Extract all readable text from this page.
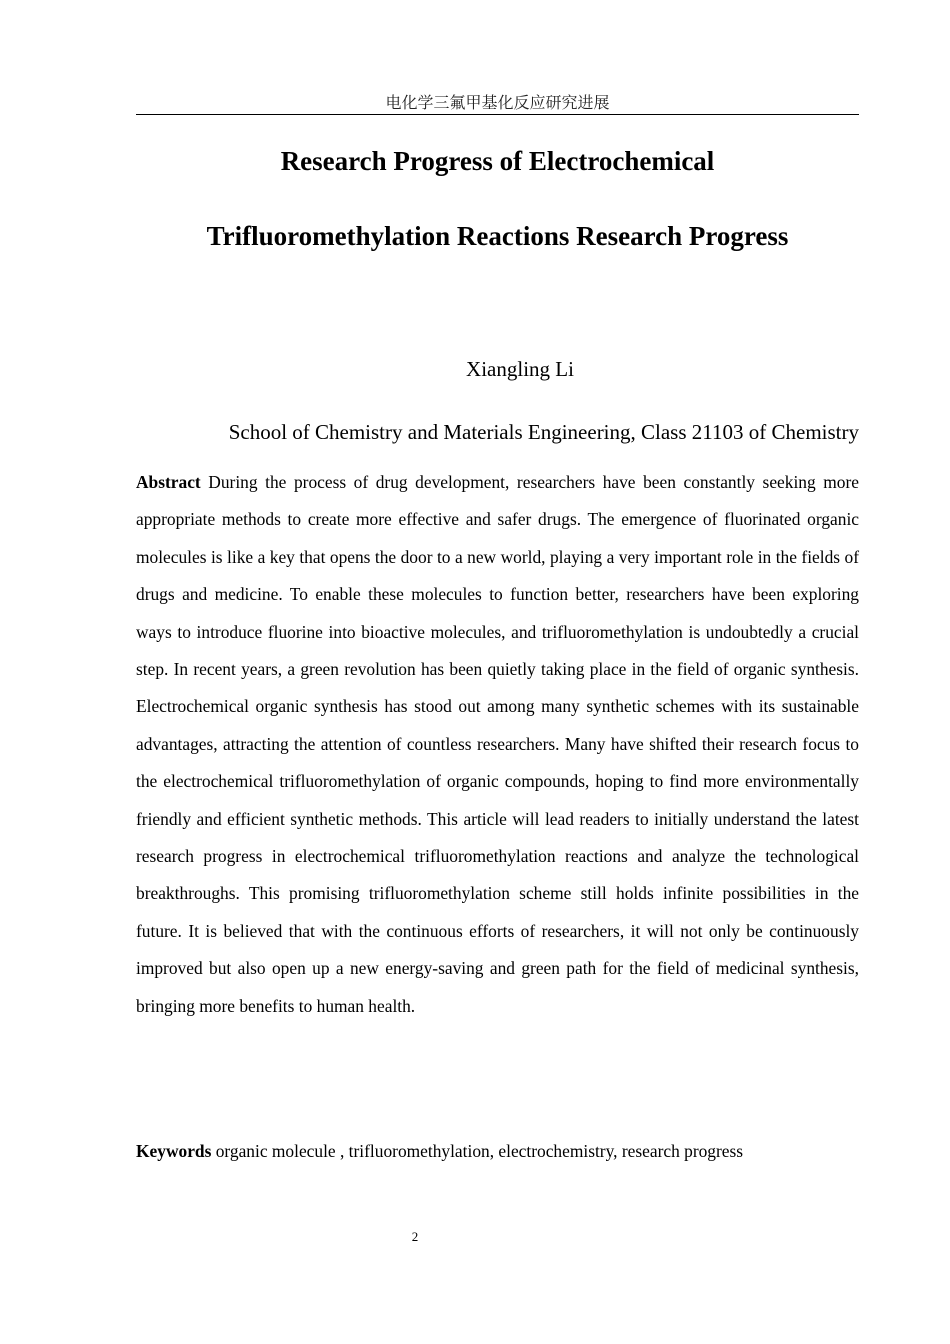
电化学三氟甲基化反应研究进展
Research Progress of Electrochemical
Trifluoromethylation Reactions Research Progress
Xiangling Li
School of Chemistry and Materials Engineering, Class 21103 of Chemistry

Abstract During the process of drug development, researchers have been constantly seeking more appropriate methods to create more effective and safer drugs. The emergence of fluorinated organic molecules is like a key that opens the door to a new world, playing a very important role in the fields of drugs and medicine. To enable these molecules to function better, researchers have been exploring ways to introduce fluorine into bioactive molecules, and trifluoromethylation is undoubtedly a crucial step. In recent years, a green revolution has been quietly taking place in the field of organic synthesis. Electrochemical organic synthesis has stood out among many synthetic schemes with its sustainable advantages, attracting the attention of countless researchers. Many have shifted their research focus to the electrochemical trifluoromethylation of organic compounds, hoping to find more environmentally friendly and efficient synthetic methods. This article will lead readers to initially understand the latest research progress in electrochemical trifluoromethylation reactions and analyze the technological breakthroughs. This promising trifluoromethylation scheme still holds infinite possibilities in the future. It is believed that with the continuous efforts of researchers, it will not only be continuously improved but also open up a new energy-saving and green path for the field of medicinal synthesis, bringing more benefits to human health.

Keywords organic molecule , trifluoromethylation, electrochemistry, research progress

2
